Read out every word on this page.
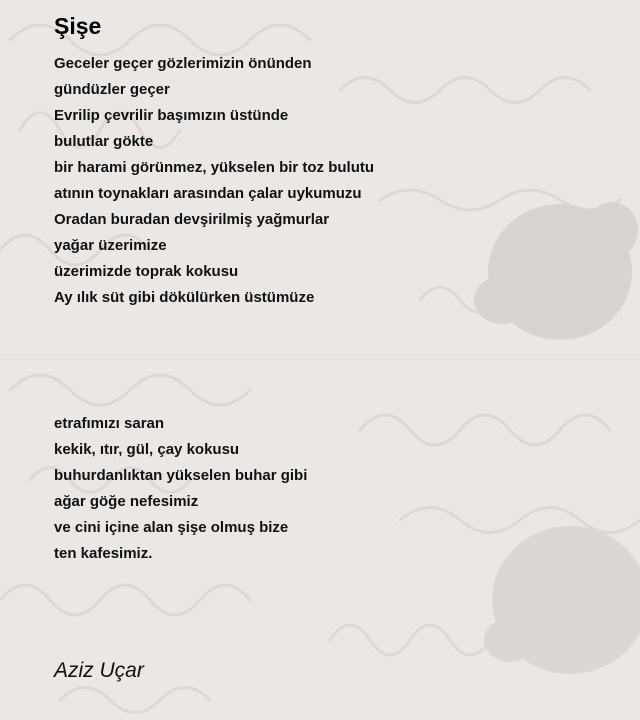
Şişe
Geceler geçer gözlerimizin önünden
gündüzler geçer
Evrilip çevrilir başımızın üstünde
bulutlar gökte
bir harami görünmez, yükselen bir toz bulutu
atının toynakları arasından çalar uykumuzu
Oradan buradan devşirilmiş yağmurlar
yağar üzerimize
üzerimizde toprak kokusu
Ay ılık süt gibi dökülürken üstümüze
etrafımızı saran
kekik, ıtır, gül, çay kokusu
buhurdanlıktan yükselen buhar gibi
ağar göğe nefesimiz
ve cini içine alan şişe olmuş bize
ten kafesimiz.
Aziz Uçar
